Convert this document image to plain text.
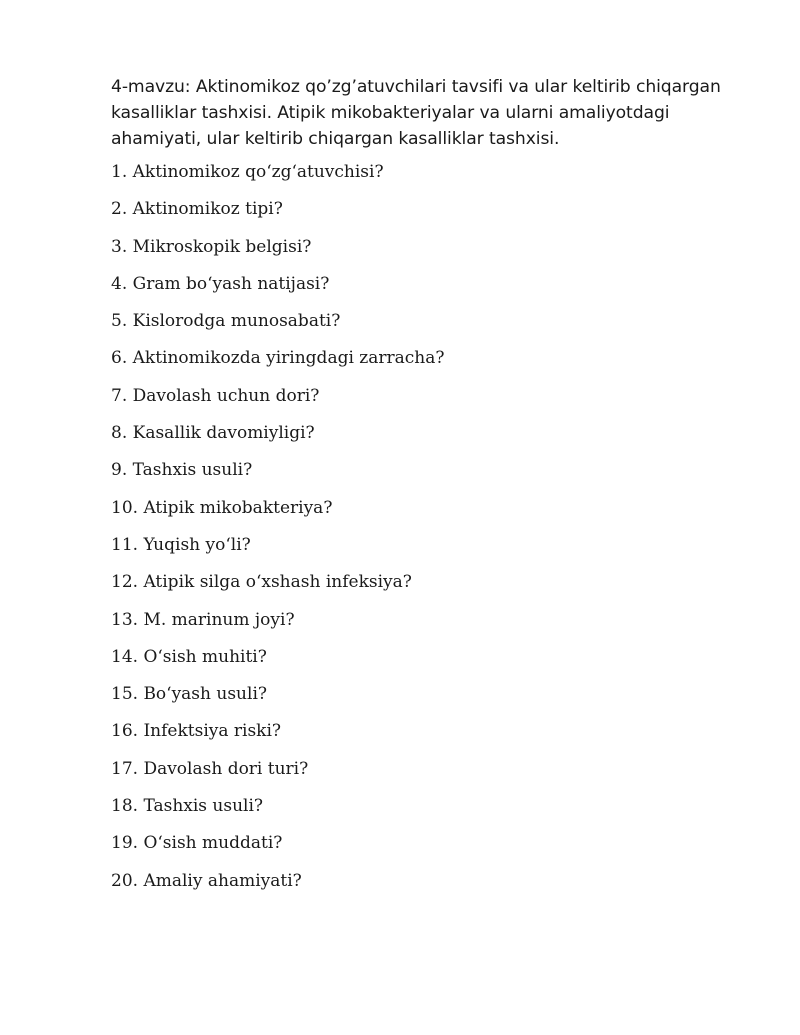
4-mavzu: Aktinomikoz qo’zg’atuvchilari tavsifi va ular keltirib chiqargan kasalliklar tashxisi. Atipik mikobakteriyalar va ularni amaliyotdagi ahamiyati, ular keltirib chiqargan kasalliklar tashxisi.

1. Aktinomikoz qo‘zg‘atuvchisi?
2. Aktinomikoz tipi?
3. Mikroskopik belgisi?
4. Gram bo‘yash natijasi?
5. Kislorodga munosabati?
6. Aktinomikozda yiringdagi zarracha?
7. Davolash uchun dori?
8. Kasallik davomiyligi?
9. Tashxis usuli?
10. Atipik mikobakteriya?
11. Yuqish yo‘li?
12. Atipik silga o‘xshash infeksiya?
13. M. marinum joyi?
14. O‘sish muhiti?
15. Bo‘yash usuli?
16. Infektsiya riski?
17. Davolash dori turi?
18. Tashxis usuli?
19. O‘sish muddati?
20. Amaliy ahamiyati?
